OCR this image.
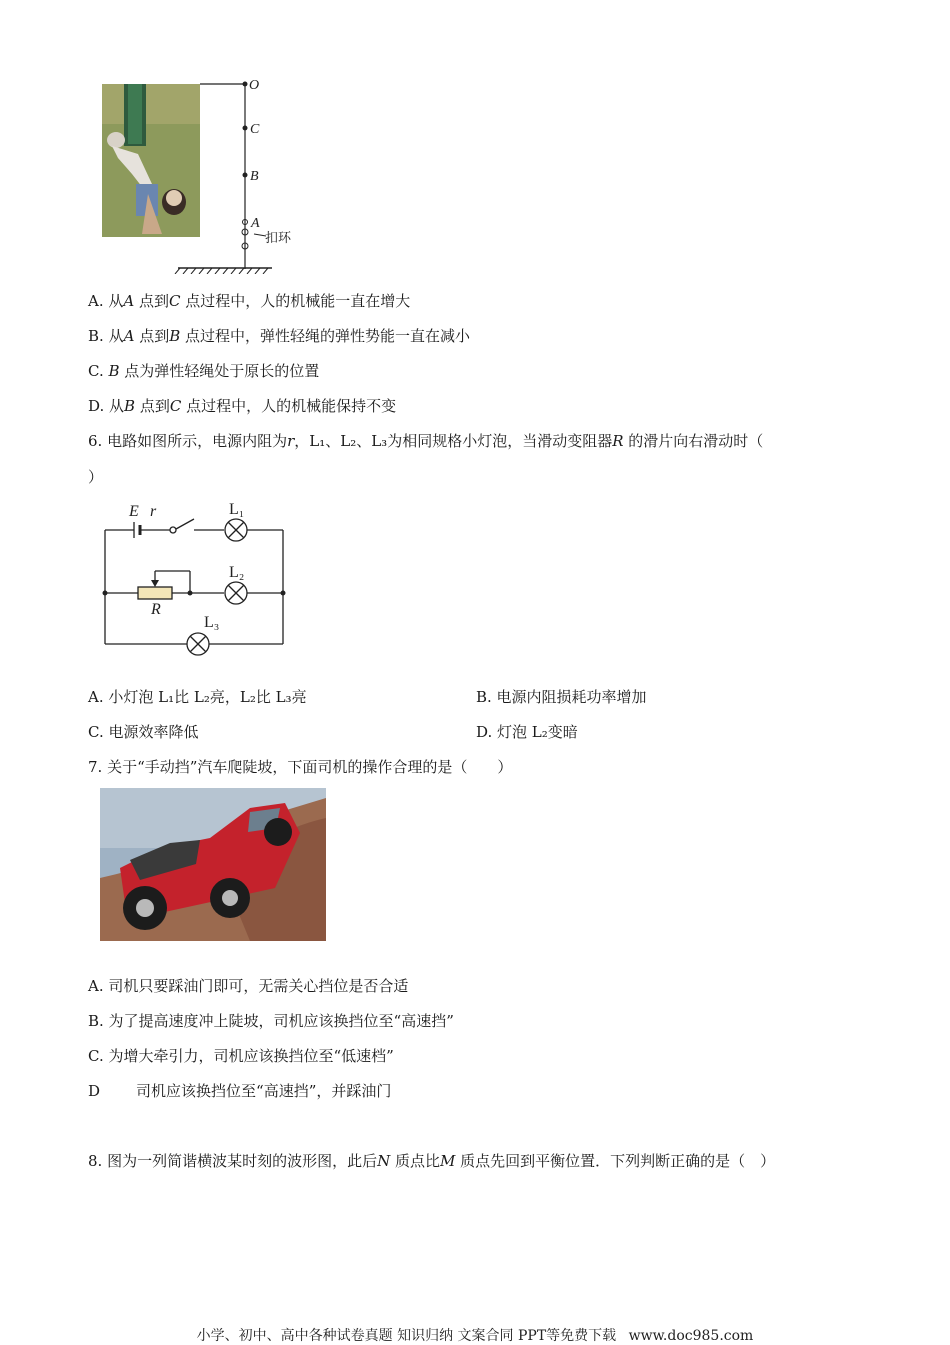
O
C
B
A
扣环
A. 从A 点到C 点过程中，人的机械能一直在增大
B. 从A 点到B 点过程中，弹性轻绳的弹性势能一直在减小
C. B 点为弹性轻绳处于原长的位置
D. 从B 点到C 点过程中，人的机械能保持不变
6. 电路如图所示，电源内阻为r，L₁、L₂、L₃为相同规格小灯泡，当滑动变阻器R 的滑片向右滑动时（
）
E r	L₁
L₂
L₃
R
A. 小灯泡 L₁比 L₂亮，L₂比 L₃亮	B. 电源内阻损耗功率增加
C. 电源效率降低	D. 灯泡 L₂变暗
7. 关于“手动挡”汽车爬陡坡，下面司机的操作合理的是（　　）
A. 司机只要踩油门即可，无需关心挡位是否合适
B. 为了提高速度冲上陡坡，司机应该换挡位至“高速挡”
C. 为增大牵引力，司机应该换挡位至“低速档”
D 司机应该换挡位至“高速挡”，并踩油门
8. 图为一列简谐横波某时刻的波形图，此后N 质点比M 质点先回到平衡位置．下列判断正确的是（　）
小学、初中、高中各种试卷真题 知识归纳 文案合同 PPT等免费下载 www.doc985.com
